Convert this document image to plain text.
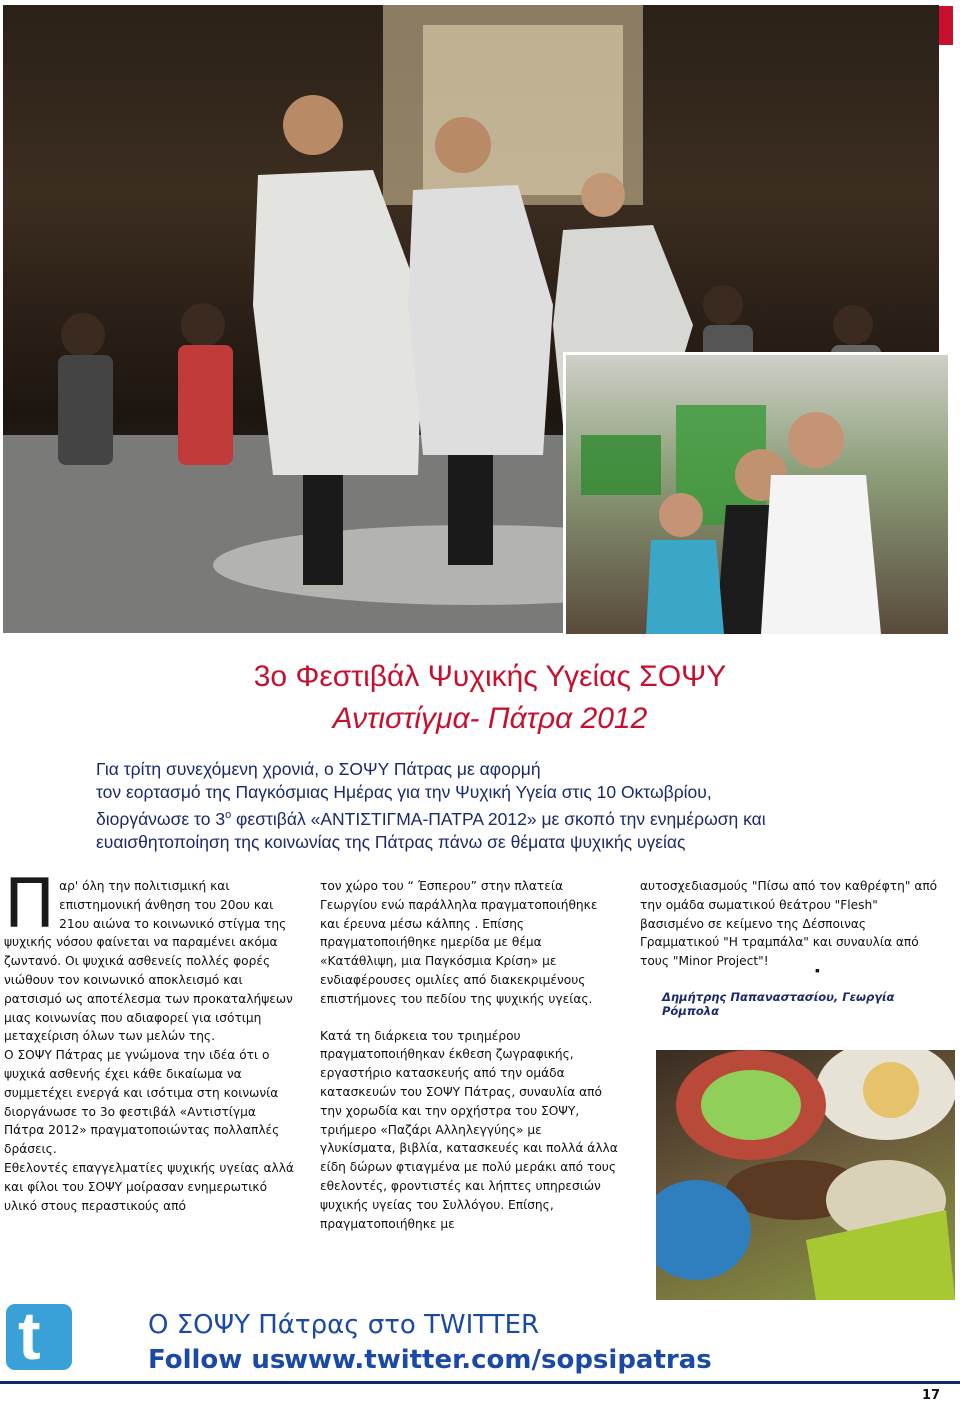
3ο Φεστιβάλ Ψυχικής Υγείας ΣΟΨΥ
Αντιστίγμα- Πάτρα 2012
Για τρίτη συνεχόμενη χρονιά, ο ΣΟΨΥ Πάτρας με αφορμή
τον εορτασμό της Παγκόσμιας Ημέρας για την Ψυχική Υγεία στις 10 Οκτωβρίου,
διοργάνωσε το $3^o$ φεστιβάλ «ΑΝΤΙΣΤΙΓΜΑ-ΠΑΤΡΑ 2012» με σκοπό την ενημέρωση και
ευαισθητοποίηση της κοινωνίας της Πάτρας πάνω σε θέματα ψυχικής υγείας
Π αρ' όλη την πολιτισμική και επιστημονική άνθηση του 20ου και 21ου αιώνα το κοινωνικό στίγμα της ψυχικής νόσου φαίνεται να παραμένει ακόμα ζωντανό. Οι ψυχικά ασθενείς πολλές φορές νιώθουν τον κοινωνικό αποκλεισμό και ρατσισμό ως αποτέλεσμα των προκαταλήψεων μιας κοινωνίας που αδιαφορεί για ισότιμη μεταχείριση όλων των μελών της.

Ο ΣΟΨΥ Πάτρας με γνώμονα την ιδέα ότι ο ψυχικά ασθενής έχει κάθε δικαίωμα να συμμετέχει ενεργά και ισότιμα στη κοινωνία διοργάνωσε το 3ο φεστιβάλ «Αντιστίγμα Πάτρα 2012» πραγματοποιώντας πολλαπλές δράσεις.

Εθελοντές επαγγελματίες ψυχικής υγείας αλλά και φίλοι του ΣΟΨΥ μοίρασαν ενημερωτικό υλικό στους περαστικούς από

τον χώρο του “ Έσπερου” στην πλατεία Γεωργίου ενώ παράλληλα πραγματοποιήθηκε και έρευνα μέσω κάλπης . Επίσης πραγματοποιήθηκε ημερίδα με θέμα «Κατάθλιψη, μια Παγκόσμια Κρίση» με ενδιαφέρουσες ομιλίες από διακεκριμένους επιστήμονες του πεδίου της ψυχικής υγείας.

Κατά τη διάρκεια του τριημέρου πραγματοποιήθηκαν έκθεση ζωγραφικής, εργαστήριο κατασκευής από την ομάδα κατασκευών του ΣΟΨΥ Πάτρας, συναυλία από την χορωδία και την ορχήστρα του ΣΟΨΥ, τριήμερο «Παζάρι Αλληλεγγύης» με γλυκίσματα, βιβλία, κατασκευές και πολλά άλλα είδη δώρων φτιαγμένα με πολύ μεράκι από τους εθελοντές, φροντιστές και λήπτες υπηρεσιών ψυχικής υγείας του Συλλόγου. Επίσης, πραγματοποιήθηκε με

αυτοσχεδιασμούς "Πίσω από τον καθρέφτη" από την ομάδα σωματικού θεάτρου "Flesh" βασισμένο σε κείμενο της Δέσποινας Γραμματικού "Η τραμπάλα" και συναυλία από τους "Minor Project"!

▪
Δημήτρης Παπαναστασίου, Γεωργία Ρόμπολα
t	Ο ΣΟΨΥ Πάτρας στο TWITTER
Follow us
www.twitter.com/sopsipatras
17
